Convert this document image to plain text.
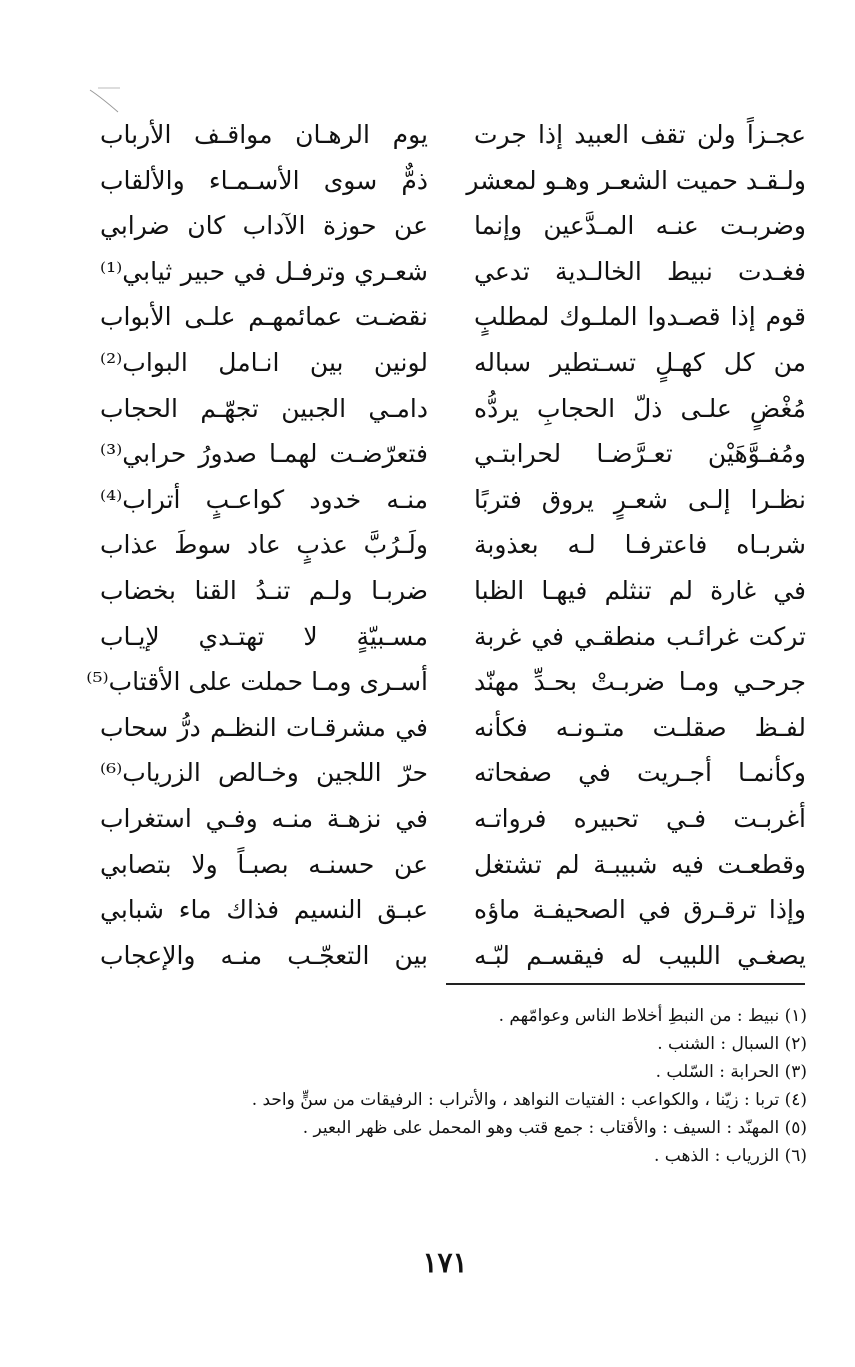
عجـزاً ولن تقف العبيد إذا جرت
يوم الرهـان مواقـف الأرباب
ولـقـد حميت الشعـر وهـو لمعشر
ذمٌّ سوى الأسـمـاء والألقاب
وضربـت عنـه المـدَّعين وإنما
عن حوزة الآداب كان ضرابي
فغـدت نبيط الخالـدية تدعي
شعـري وترفـل في حبير ثيابي⁽¹⁾
قوم إذا قصـدوا الملـوك لمطلبٍ
نقضـت عمائمهـم علـى الأبواب
من كل كهـلٍ تسـتطير سباله
لونين بين انـامل البواب⁽²⁾
مُغْضٍ علـى ذلّ الحجابِ يردُّه
دامـي الجبين تجهّـم الحجاب
ومُفـوَّهَيْن تعـرَّضـا لحرابتـي
فتعرّضـت لهمـا صدورُ حرابي⁽³⁾
نظـرا إلـى شعـرٍ يروق فتربًا
منـه خدود كواعـبٍ أتراب⁽⁴⁾
شربـاه فاعترفـا لـه بعذوبة
ولَـرُبَّ عذبٍ عاد سوطَ عذاب
في غارة لم تنثلم فيهـا الظبا
ضربـا ولـم تنـدُ القنا بخضاب
تركت غرائـب منطقـي في غربة
مسـبيّةٍ لا تهتـدي لإيـاب
جرحـي ومـا ضربـتْ بحـدِّ مهنّد
أسـرى ومـا حملت على الأقتاب⁽⁵⁾
لفـظ صقلـت متـونـه فكأنه
في مشرقـات النظـم درُّ سحاب
وكأنمـا أجـريت في صفحاته
حرّ اللجين وخـالص الزرياب⁽⁶⁾
أغربـت فـي تحبيره فرواتـه
في نزهـة منـه وفـي استغراب
وقطعـت فيه شبيبـة لم تشتغل
عن حسنـه بصبـاً ولا بتصابي
وإذا ترقـرق في الصحيفـة ماؤه
عبـق النسيم فذاك ماء شبابي
يصغـي اللبيب له فيقسـم لبّـه
بين التعجّـب منـه والإعجاب
(١) نبيط : من النبطِ أخلاط الناس وعوامّهم .
(٢) السبال : الشنب .
(٣) الحرابة : السّلب .
(٤) تربا : زيّنا ، والكواعب : الفتيات النواهد ، والأتراب : الرفيقات من سنٍّ واحد .
(٥) المهنّد : السيف : والأقتاب : جمع قتب وهو المحمل على ظهر البعير .
(٦) الزرياب : الذهب .
١٧١
